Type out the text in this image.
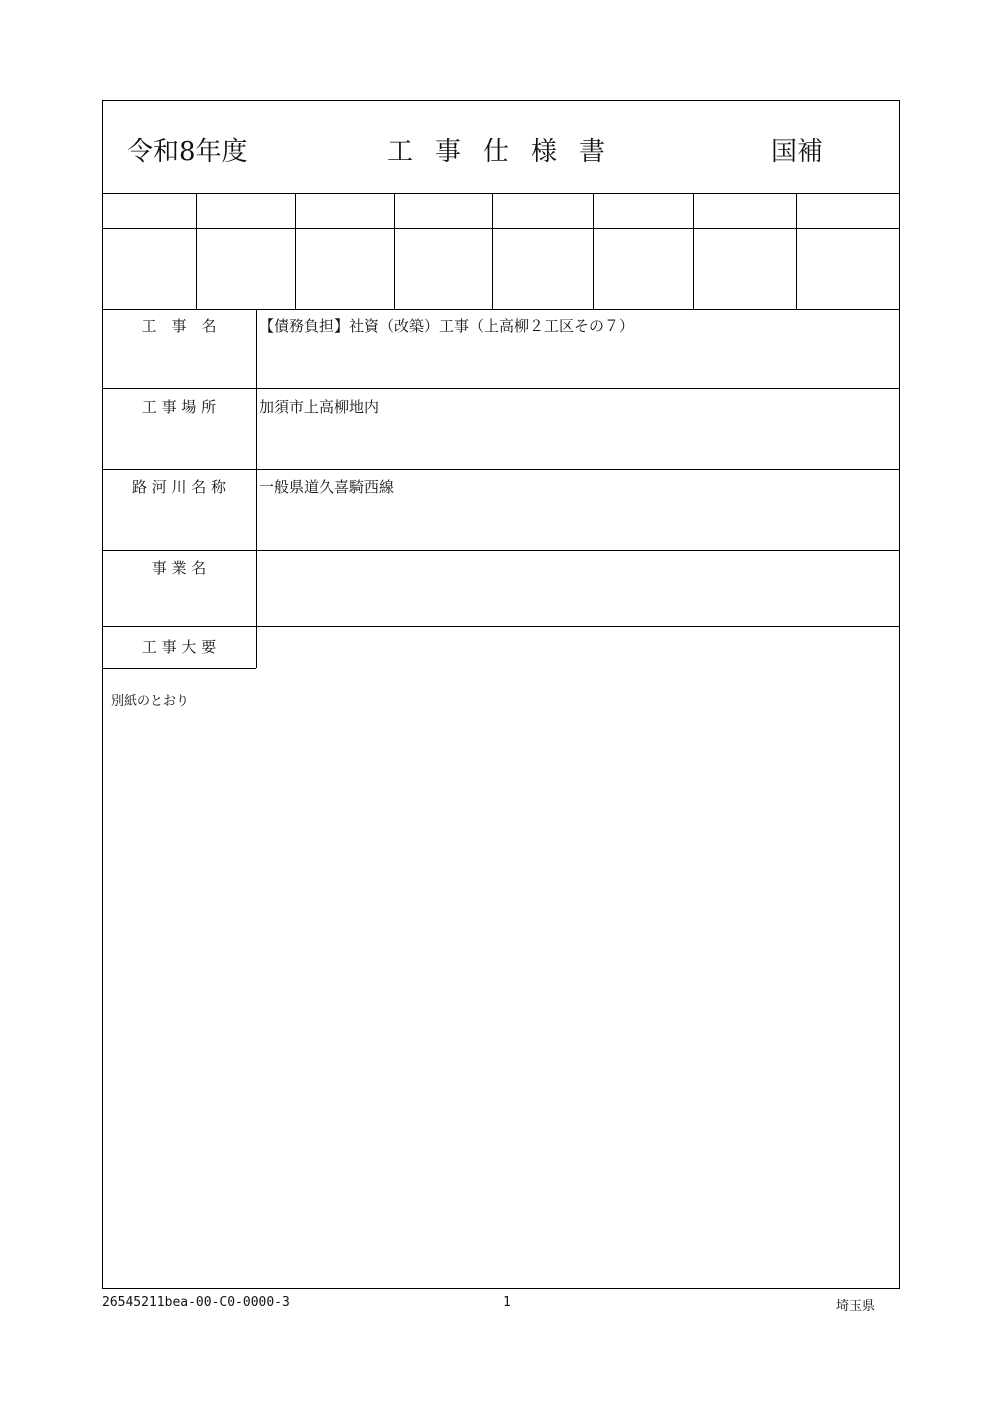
令和8年度	工事仕様書	国補
工　事　名	【債務負担】社資（改築）工事（上高柳２工区その７）
工 事 場 所	加須市上高柳地内
路 河 川 名 称	一般県道久喜騎西線
事 業 名
工 事 大 要
別紙のとおり
26545211bea-00-C0-0000-3	1	埼玉県
